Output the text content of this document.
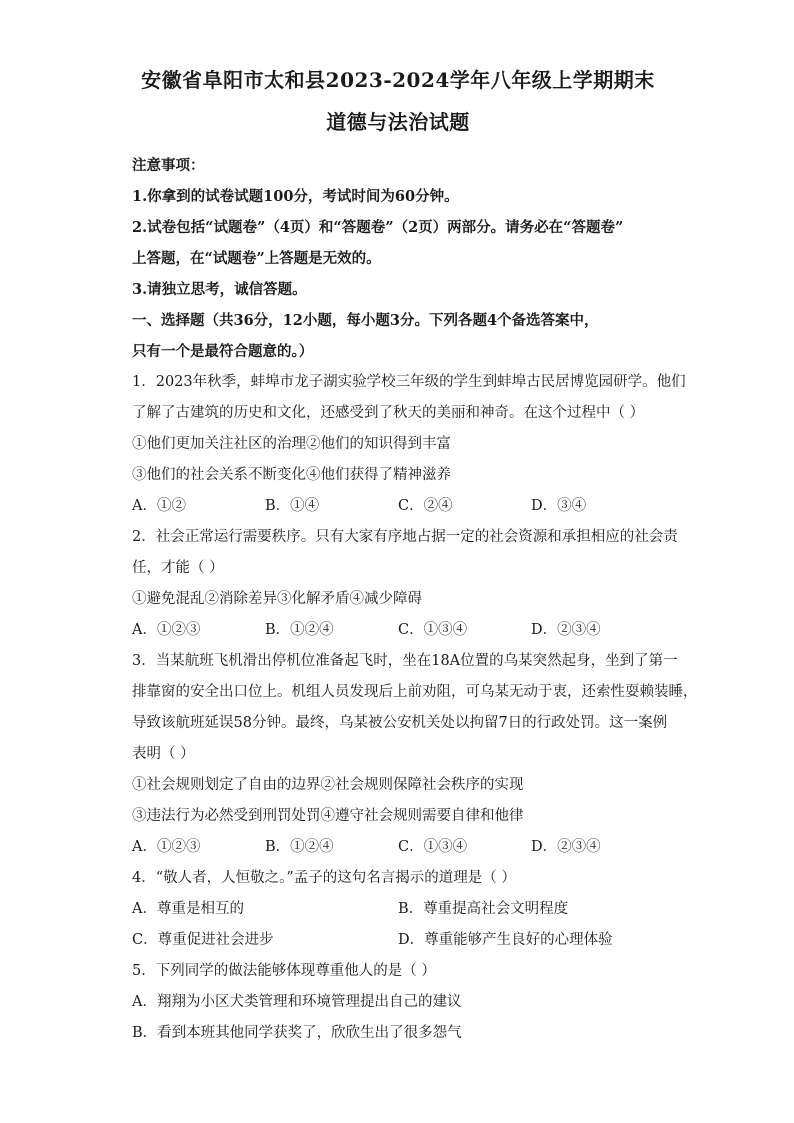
安徽省阜阳市太和县2023-2024学年八年级上学期期末
道德与法治试题
注意事项：
1.你拿到的试卷试题100分，考试时间为60分钟。
2.试卷包括“试题卷”（4页）和“答题卷”（2页）两部分。请务必在“答题卷”
上答题，在“试题卷”上答题是无效的。
3.请独立思考，诚信答题。
一、选择题（共36分，12小题，每小题3分。下列各题4个备选答案中，
只有一个是最符合题意的。）
1．2023年秋季，蚌埠市龙子湖实验学校三年级的学生到蚌埠古民居博览园研学。他们
了解了古建筑的历史和文化，还感受到了秋天的美丽和神奇。在这个过程中（ ）
①他们更加关注社区的治理②他们的知识得到丰富
③他们的社会关系不断变化④他们获得了精神滋养
A．①②	B．①④	C．②④	D．③④
2．社会正常运行需要秩序。只有大家有序地占据一定的社会资源和承担相应的社会责
任，才能（ ）
①避免混乱②消除差异③化解矛盾④减少障碍
A．①②③	B．①②④	C．①③④	D．②③④
3．当某航班飞机滑出停机位准备起飞时，坐在18A位置的乌某突然起身，坐到了第一
排靠窗的安全出口位上。机组人员发现后上前劝阻，可乌某无动于衷，还索性耍赖装睡，
导致该航班延误58分钟。最终，乌某被公安机关处以拘留7日的行政处罚。这一案例
表明（ ）
①社会规则划定了自由的边界②社会规则保障社会秩序的实现
③违法行为必然受到刑罚处罚④遵守社会规则需要自律和他律
A．①②③	B．①②④	C．①③④	D．②③④
4．“敬人者，人恒敬之。”孟子的这句名言揭示的道理是（ ）
A．尊重是相互的	B．尊重提高社会文明程度
C．尊重促进社会进步	D．尊重能够产生良好的心理体验
5．下列同学的做法能够体现尊重他人的是（ ）
A．翔翔为小区犬类管理和环境管理提出自己的建议
B．看到本班其他同学获奖了，欣欣生出了很多怨气
